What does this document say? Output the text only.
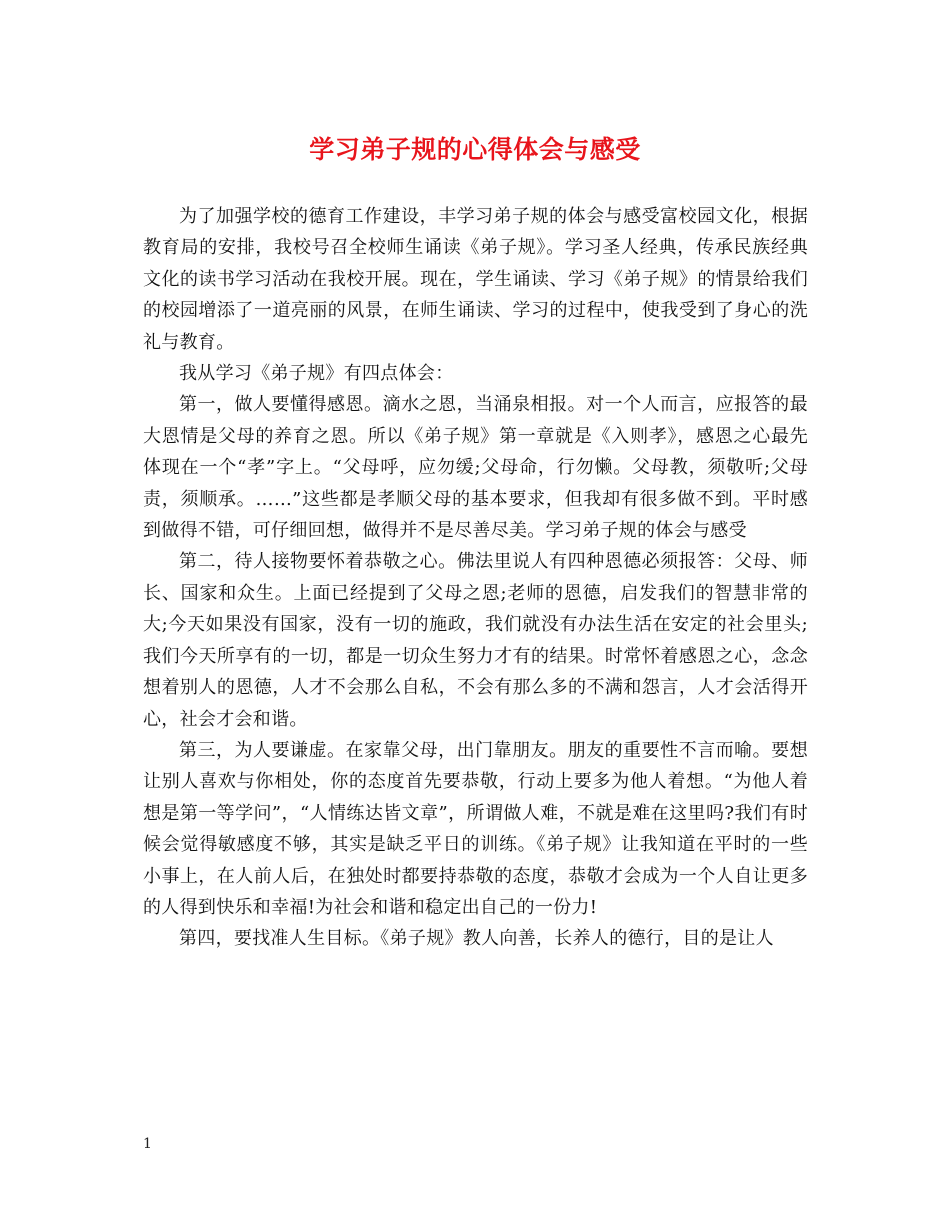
学习弟子规的心得体会与感受

为了加强学校的德育工作建设，丰学习弟子规的体会与感受富校园文化，根据教育局的安排，我校号召全校师生诵读《弟子规》。学习圣人经典，传承民族经典文化的读书学习活动在我校开展。现在，学生诵读、学习《弟子规》的情景给我们的校园增添了一道亮丽的风景，在师生诵读、学习的过程中，使我受到了身心的洗礼与教育。

我从学习《弟子规》有四点体会：

第一，做人要懂得感恩。滴水之恩，当涌泉相报。对一个人而言，应报答的最大恩情是父母的养育之恩。所以《弟子规》第一章就是《入则孝》，感恩之心最先体现在一个“孝”字上。“父母呼，应勿缓;父母命，行勿懒。父母教，须敬听;父母责，须顺承。……”这些都是孝顺父母的基本要求，但我却有很多做不到。平时感到做得不错，可仔细回想，做得并不是尽善尽美。学习弟子规的体会与感受

第二，待人接物要怀着恭敬之心。佛法里说人有四种恩德必须报答：父母、师长、国家和众生。上面已经提到了父母之恩;老师的恩德，启发我们的智慧非常的大;今天如果没有国家，没有一切的施政，我们就没有办法生活在安定的社会里头;我们今天所享有的一切，都是一切众生努力才有的结果。时常怀着感恩之心，念念想着别人的恩德，人才不会那么自私，不会有那么多的不满和怨言，人才会活得开心，社会才会和谐。

第三，为人要谦虚。在家靠父母，出门靠朋友。朋友的重要性不言而喻。要想让别人喜欢与你相处，你的态度首先要恭敬，行动上要多为他人着想。“为他人着想是第一等学问”，“人情练达皆文章”，所谓做人难，不就是难在这里吗?我们有时候会觉得敏感度不够，其实是缺乏平日的训练。《弟子规》让我知道在平时的一些小事上，在人前人后，在独处时都要持恭敬的态度，恭敬才会成为一个人自让更多的人得到快乐和幸福!为社会和谐和稳定出自己的一份力!

第四，要找准人生目标。《弟子规》教人向善，长养人的德行，目的是让人

1
